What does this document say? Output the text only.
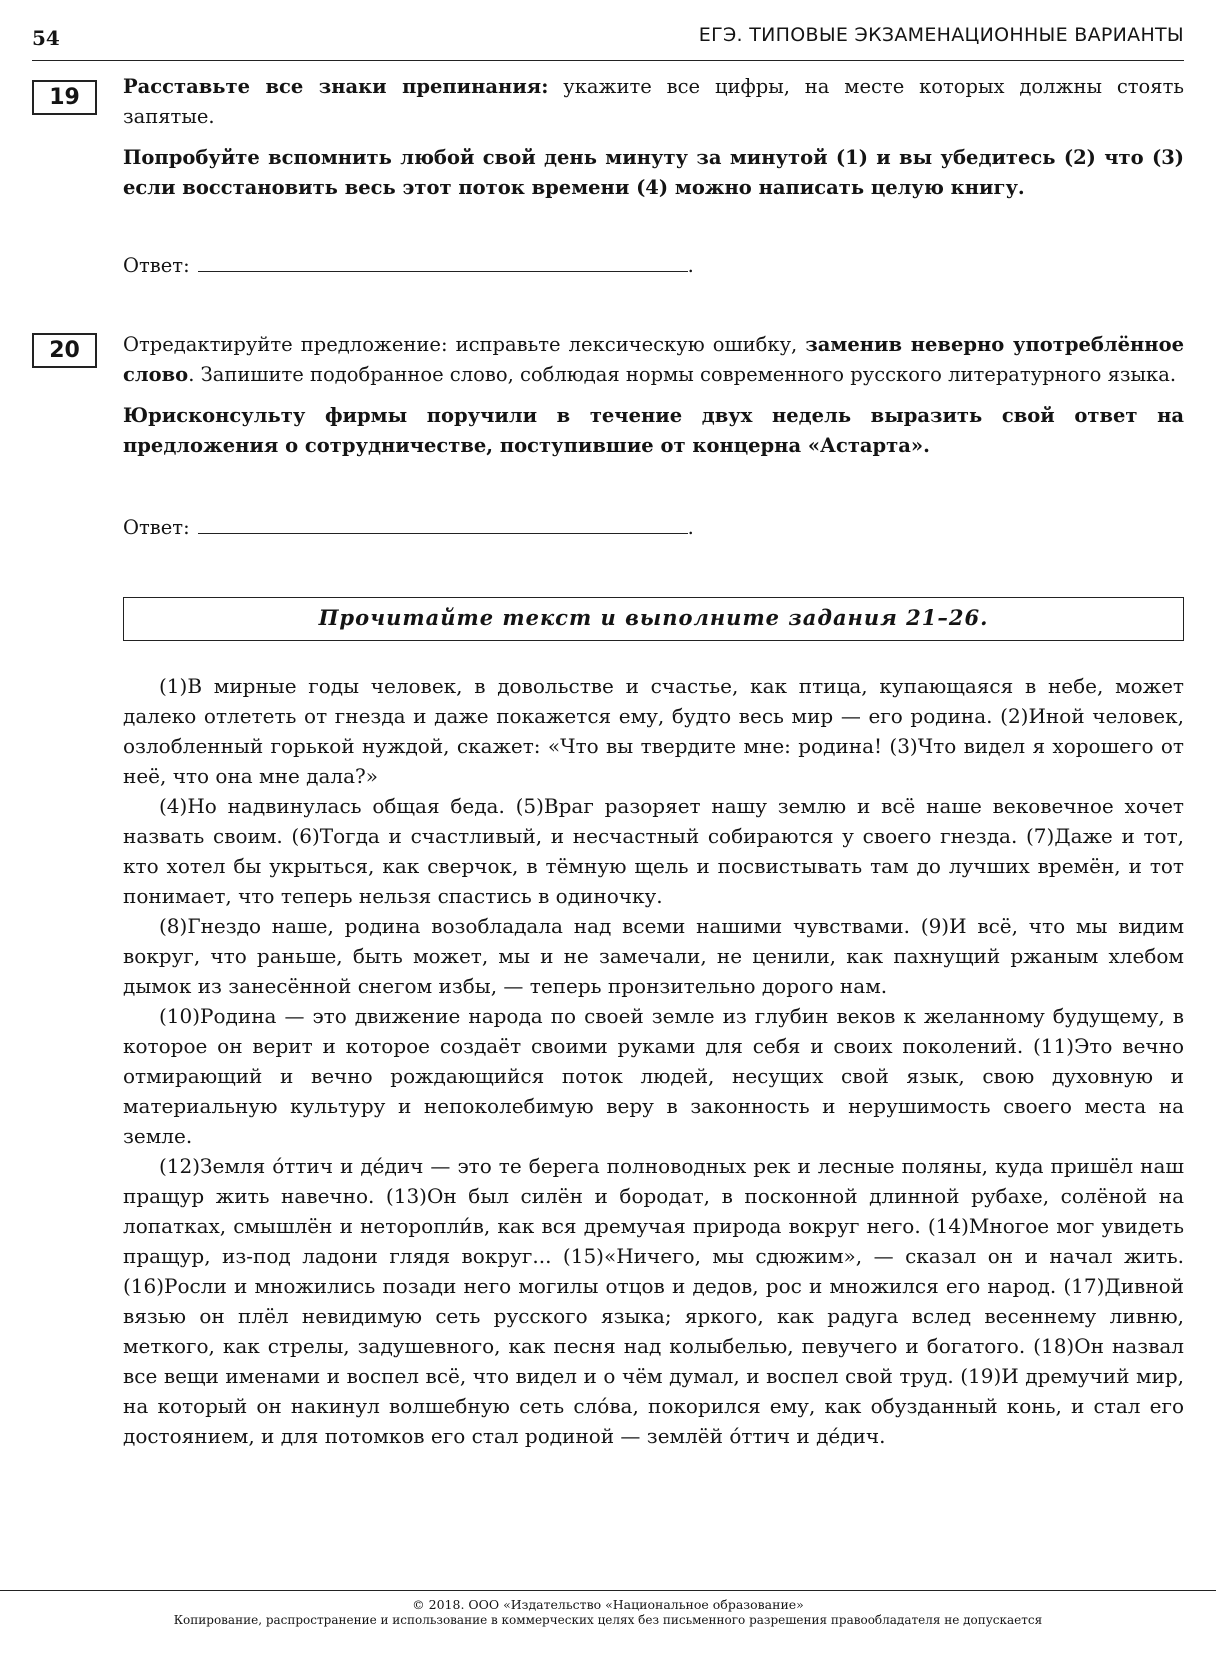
54	ЕГЭ. ТИПОВЫЕ ЭКЗАМЕНАЦИОННЫЕ ВАРИАНТЫ
19	Расставьте все знаки препинания: укажите все цифры, на месте которых должны стоять запятые.

Попробуйте вспомнить любой свой день минуту за минутой (1) и вы убедитесь (2) что (3) если восстановить весь этот поток времени (4) можно написать целую книгу.

Ответ:	.
20	Отредактируйте предложение: исправьте лексическую ошибку, заменив неверно употреблённое слово. Запишите подобранное слово, соблюдая нормы современного русского литературного языка.

Юрисконсульту фирмы поручили в течение двух недель выразить свой ответ на предложения о сотрудничестве, поступившие от концерна «Астарта».

Ответ:	.
Прочитайте текст и выполните задания 21–26.

(1)В мирные годы человек, в довольстве и счастье, как птица, купающаяся в небе, может далеко отлететь от гнезда и даже покажется ему, будто весь мир — его родина. (2)Иной человек, озлобленный горькой нуждой, скажет: «Что вы твердите мне: родина! (3)Что видел я хорошего от неё, что она мне дала?»

(4)Но надвинулась общая беда. (5)Враг разоряет нашу землю и всё наше вековечное хочет назвать своим. (6)Тогда и счастливый, и несчастный собираются у своего гнезда. (7)Даже и тот, кто хотел бы укрыться, как сверчок, в тёмную щель и посвистывать там до лучших времён, и тот понимает, что теперь нельзя спастись в одиночку.

(8)Гнездо наше, родина возобладала над всеми нашими чувствами. (9)И всё, что мы видим вокруг, что раньше, быть может, мы и не замечали, не ценили, как пахнущий ржаным хлебом дымок из занесённой снегом избы, — теперь пронзительно дорого нам.

(10)Родина — это движение народа по своей земле из глубин веков к желанному будущему, в которое он верит и которое создаёт своими руками для себя и своих поколений. (11)Это вечно отмирающий и вечно рождающийся поток людей, несущих свой язык, свою духовную и материальную культуру и непоколебимую веру в законность и нерушимость своего места на земле.

(12)Земля о́ттич и де́дич — это те берега полноводных рек и лесные поляны, куда пришёл наш пращур жить навечно. (13)Он был силён и бородат, в посконной длинной рубахе, солёной на лопатках, смышлён и неторопли́в, как вся дремучая природа вокруг него. (14)Многое мог увидеть пращур, из-под ладони глядя вокруг... (15)«Ничего, мы сдюжим», — сказал он и начал жить. (16)Росли и множились позади него могилы отцов и дедов, рос и множился его народ. (17)Дивной вязью он плёл невидимую сеть русского языка; яркого, как радуга вслед весеннему ливню, меткого, как стрелы, задушевного, как песня над колыбелью, певучего и богатого. (18)Он назвал все вещи именами и воспел всё, что видел и о чём думал, и воспел свой труд. (19)И дремучий мир, на который он накинул волшебную сеть сло́ва, покорился ему, как обузданный конь, и стал его достоянием, и для потомков его стал родиной — землёй о́ттич и де́дич.

© 2018. ООО «Издательство «Национальное образование»
Копирование, распространение и использование в коммерческих целях без письменного разрешения правообладателя не допускается
